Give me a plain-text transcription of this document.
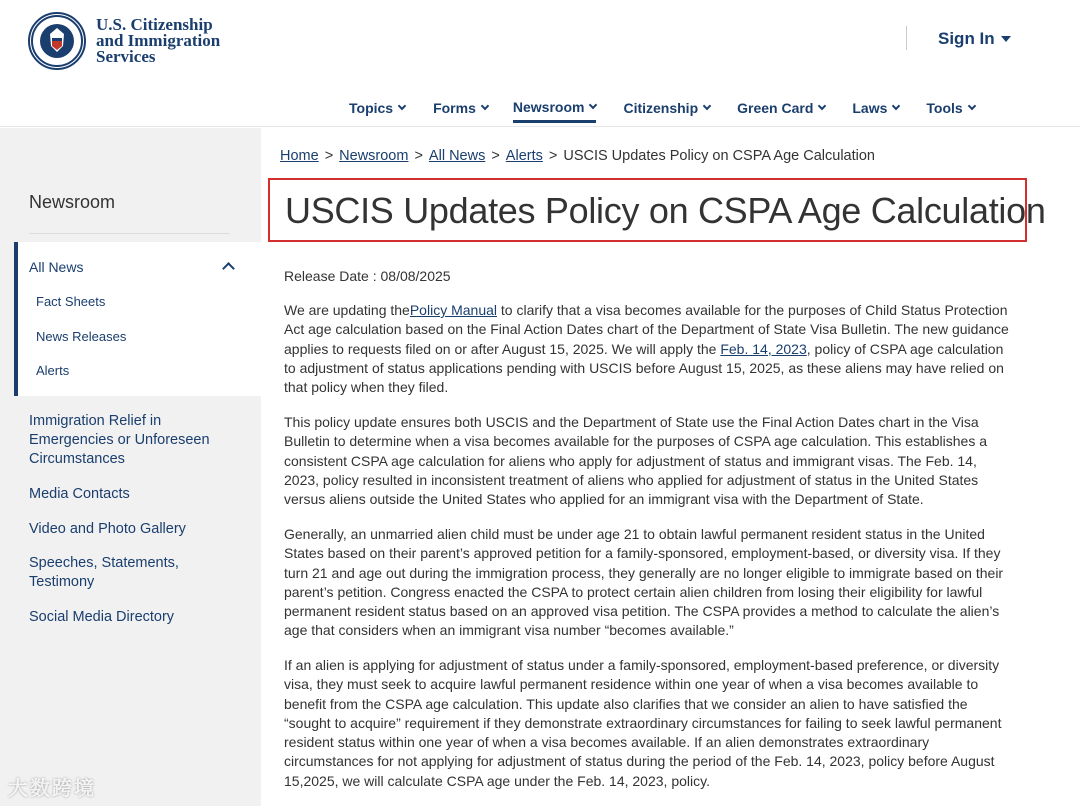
U.S. Citizenship
and Immigration
Services
Sign In
Topics	Forms	Newsroom	Citizenship	Green Card	Laws	Tools
Newsroom
All News
Fact Sheets
News Releases
Alerts
Immigration Relief in Emergencies or Unforeseen Circumstances
Media Contacts
Video and Photo Gallery
Speeches, Statements, Testimony
Social Media Directory
Home > Newsroom > All News > Alerts > USCIS Updates Policy on CSPA Age Calculation
USCIS Updates Policy on CSPA Age Calculation
Release Date : 08/08/2025

We are updating thePolicy Manual to clarify that a visa becomes available for the purposes of Child Status Protection Act age calculation based on the Final Action Dates chart of the Department of State Visa Bulletin. The new guidance applies to requests filed on or after August 15, 2025. We will apply the Feb. 14, 2023, policy of CSPA age calculation to adjustment of status applications pending with USCIS before August 15, 2025, as these aliens may have relied on that policy when they filed.

This policy update ensures both USCIS and the Department of State use the Final Action Dates chart in the Visa Bulletin to determine when a visa becomes available for the purposes of CSPA age calculation. This establishes a consistent CSPA age calculation for aliens who apply for adjustment of status and immigrant visas. The Feb. 14, 2023, policy resulted in inconsistent treatment of aliens who applied for adjustment of status in the United States versus aliens outside the United States who applied for an immigrant visa with the Department of State.

Generally, an unmarried alien child must be under age 21 to obtain lawful permanent resident status in the United States based on their parent’s approved petition for a family-sponsored, employment-based, or diversity visa. If they turn 21 and age out during the immigration process, they generally are no longer eligible to immigrate based on their parent’s petition. Congress enacted the CSPA to protect certain alien children from losing their eligibility for lawful permanent resident status based on an approved visa petition. The CSPA provides a method to calculate the alien’s age that considers when an immigrant visa number “becomes available.”

If an alien is applying for adjustment of status under a family-sponsored, employment-based preference, or diversity visa, they must seek to acquire lawful permanent residence within one year of when a visa becomes available to benefit from the CSPA age calculation. This update also clarifies that we consider an alien to have satisfied the “sought to acquire” requirement if they demonstrate extraordinary circumstances for failing to seek lawful permanent resident status within one year of when a visa becomes available. If an alien demonstrates extraordinary circumstances for not applying for adjustment of status during the period of the Feb. 14, 2023, policy before August 15,2025, we will calculate CSPA age under the Feb. 14, 2023, policy.

大数跨境
